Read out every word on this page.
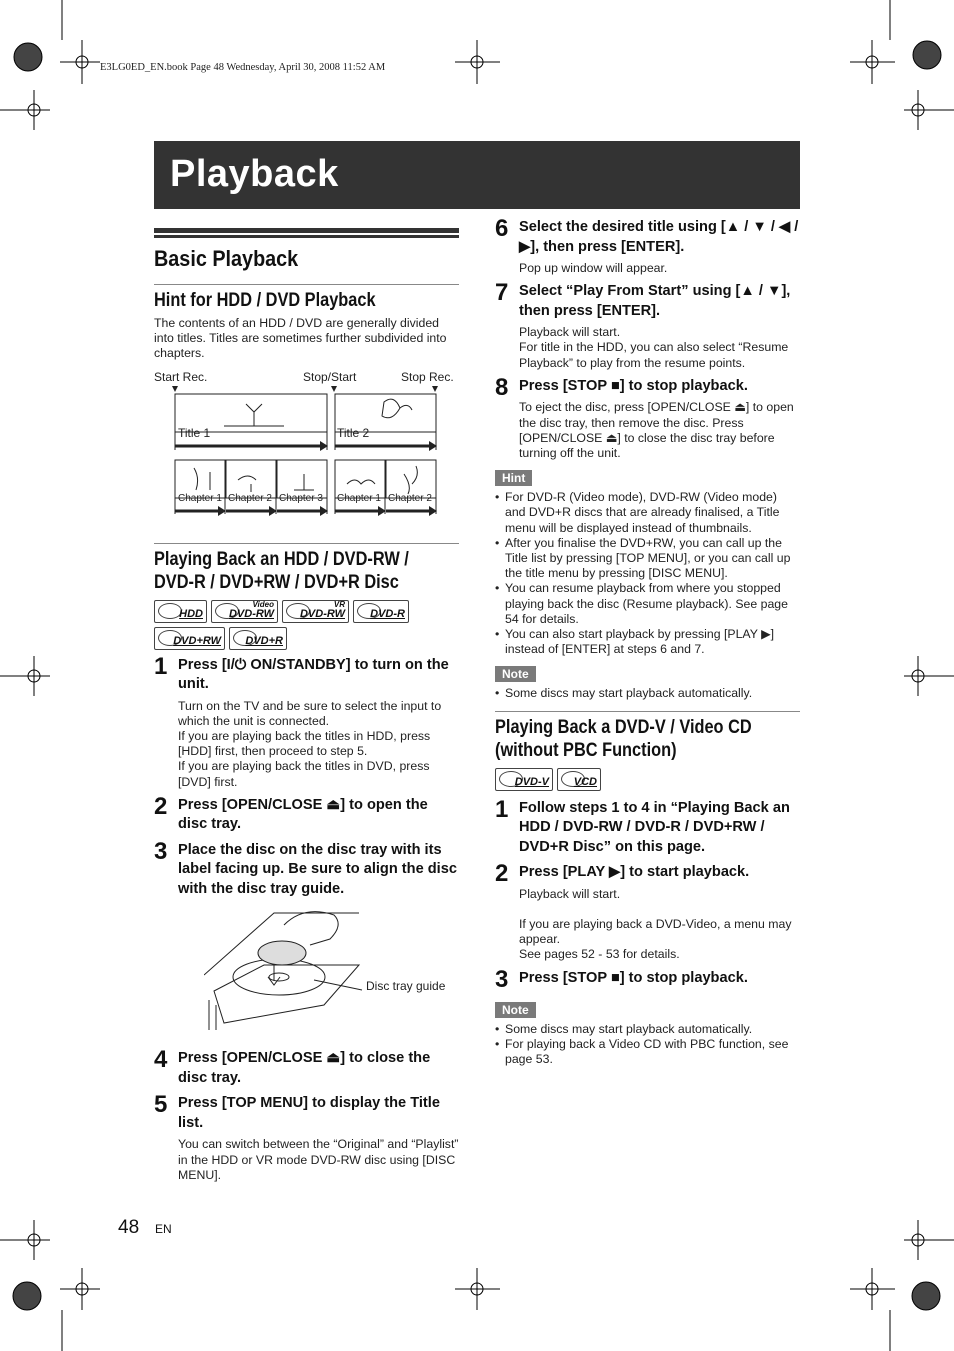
E3LG0ED_EN.book Page 48 Wednesday, April 30, 2008 11:52 AM
Playback
Basic Playback
Hint for HDD / DVD Playback
The contents of an HDD / DVD are generally divided into titles. Titles are sometimes further subdivided into chapters.
Start Rec.	Stop/Start	Stop Rec.
Title 1	Title 2
Chapter 1 Chapter 2 Chapter 3 Chapter 1 Chapter 2
Playing Back an HDD / DVD-RW /
DVD-R / DVD+RW / DVD+R Disc
HDD
Video
DVD-RW
VR
DVD-RW DVD-R
DVD+RW DVD+R
1 Press [I/⏻ ON/STANDBY] to turn on the unit.
Turn on the TV and be sure to select the input to which the unit is connected.
If you are playing back the titles in HDD, press [HDD] first, then proceed to step 5.
If you are playing back the titles in DVD, press [DVD] first.
2 Press [OPEN/CLOSE ⏏] to open the disc tray.
3 Place the disc on the disc tray with its label facing up. Be sure to align the disc with the disc tray guide.
Disc tray guide
4 Press [OPEN/CLOSE ⏏] to close the disc tray.
5 Press [TOP MENU] to display the Title list.
You can switch between the “Original” and “Playlist” in the HDD or VR mode DVD-RW disc using [DISC MENU].
6 Select the desired title using [▲ / ▼ / ◀ / ▶], then press [ENTER].
Pop up window will appear.
7 Select “Play From Start” using [▲ / ▼], then press [ENTER].
Playback will start.
For title in the HDD, you can also select “Resume Playback” to play from the resume points.
8 Press [STOP ■] to stop playback.
To eject the disc, press [OPEN/CLOSE ⏏] to open the disc tray, then remove the disc. Press [OPEN/CLOSE ⏏] to close the disc tray before turning off the unit.
Hint
• For DVD-R (Video mode), DVD-RW (Video mode) and DVD+R discs that are already finalised, a Title menu will be displayed instead of thumbnails.
• After you finalise the DVD+RW, you can call up the Title list by pressing [TOP MENU], or you can call up the title menu by pressing [DISC MENU].
• You can resume playback from where you stopped playing back the disc (Resume playback). See page 54 for details.
• You can also start playback by pressing [PLAY ▶] instead of [ENTER] at steps 6 and 7.
Note
• Some discs may start playback automatically.
Playing Back a DVD-V / Video CD
(without PBC Function)
DVD-V VCD
1 Follow steps 1 to 4 in “Playing Back an HDD / DVD-RW / DVD-R / DVD+RW / DVD+R Disc” on this page.
2 Press [PLAY ▶] to start playback.
Playback will start.

If you are playing back a DVD-Video, a menu may appear.
See pages 52 - 53 for details.
3 Press [STOP ■] to stop playback.
Note
• Some discs may start playback automatically.
• For playing back a Video CD with PBC function, see page 53.
48 EN
